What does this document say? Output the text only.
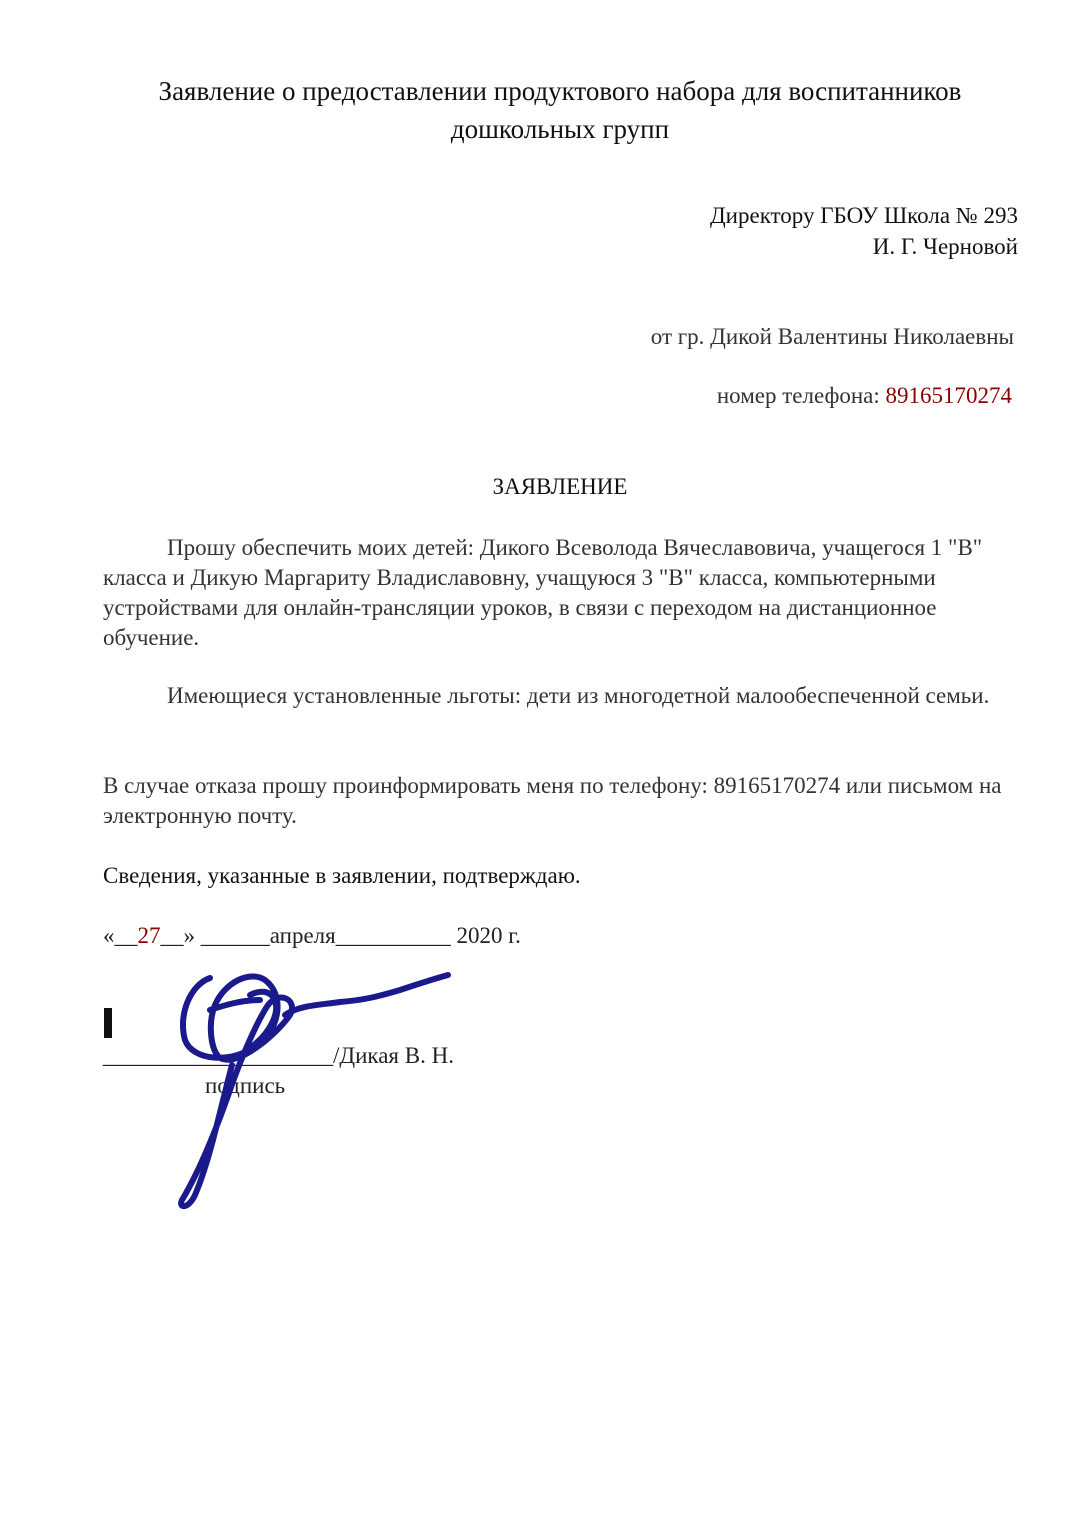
Заявление о предоставлении продуктового набора для воспитанников
дошкольных групп
Директору ГБОУ Школа № 293
И. Г. Черновой
от гр. Дикой Валентины Николаевны
номер телефона: 89165170274
ЗАЯВЛЕНИЕ

Прошу обеспечить моих детей: Дикого Всеволода Вячеславовича, учащегося 1 "В" класса и Дикую Маргариту Владиславовну, учащуюся 3 "В" класса, компьютерными устройствами для онлайн-трансляции уроков, в связи с переходом на дистанционное обучение.

Имеющиеся установленные льготы: дети из многодетной малообеспеченной семьи.

В случае отказа прошу проинформировать меня по телефону: 89165170274 или письмом на электронную почту.

Сведения, указанные в заявлении, подтверждаю.
«__27__» ______апреля__________ 2020 г.
____________________/Дикая В. Н.
подпись
